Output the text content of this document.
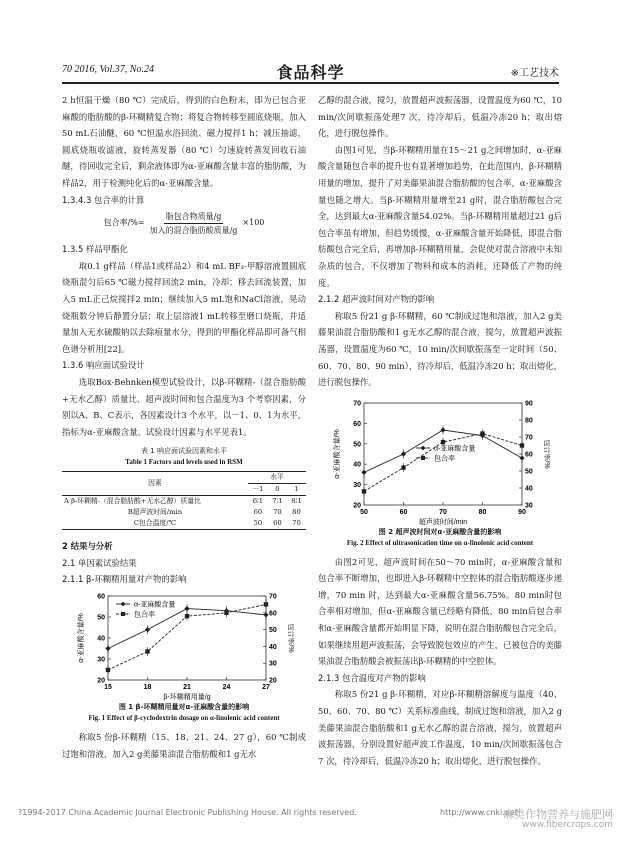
70 2016, Vol.37, No.24	食品科学	※工艺技术

2 h恒温干燥（80 ℃）完成后，得到的白色粉末，即为已包合亚麻酸的脂肪酸的β-环糊精复合物；将复合物转移至圆底烧瓶，加入50 mL石油醚，60 ℃恒温水浴回流、磁力搅拌1 h；减压抽滤，圆底烧瓶收滤液，旋转蒸发器（80 ℃）匀速旋转蒸发回收石油醚，待回收完全后，剩余液体即为α-亚麻酸含量丰富的脂肪酸，为样品2，用于检测纯化后的α-亚麻酸含量。

1.3.4.3 包合率的计算

包合率/%= $\frac{\text{脂包合物质量/g}}{\text{加入的混合脂肪酸质量/g}} \times 100$

1.3.5 样品甲酯化

取0.1 g样品（样品1或样品2）和4 mL BF₃-甲醇溶液置圆底烧瓶混匀后65 ℃磁力搅拌回流2 min，冷却；移去回流装置，加入5 mL正己烷搅拌2 min；继续加入5 mL饱和NaCl溶液，晃动烧瓶数分钟后静置分层；取上层溶液1 mL转移至磨口烧瓶，并适量加入无水硫酸钠以去除痕量水分，得到的甲酯化样品即可备气相色谱分析用[22]。

1.3.6 响应面试验设计

选取Box-Behnken模型试验设计，以β-环糊精-（混合脂肪酸+无水乙醇）质量比、超声波时间和包合温度为3 个考察因素，分别以A、B、C表示，各因素设计3 个水平，以－1、0、1为水平，指标为α-亚麻酸含量。试验设计因素与水平见表1。

表 1 响应面试验因素和水平

Table 1 Factors and levels used in RSM

因素	水平		
	－1	0	1
A β-环糊精-（混合脂肪酸+无水乙醇）质量比	6∶1	7∶1	8∶1
B超声波时间/min	60	70	80
C包合温度/℃	50	60	70

2 结果与分析

2.1 单因素试验结果

2.1.1 β-环糊精用量对产物的影响

15	18	21	24	27
20
30
40
50
60
20
30
40
50
60
70
β-环糊精用量/g
α-亚麻酸含量/%	包合率/%
α-亚麻酸含量
包合率

图 1 β-环糊精用量对α-亚麻酸含量的影响

Fig. 1 Effect of β-cyclodextrin dosage on α-linolenic acid content

称取5 份β-环糊精（15、18、21、24、27 g），60 ℃制成过饱和溶液，加入2 g美藤果油混合脂肪酸和1 g无水

乙醇的混合液，搅匀，放置超声波振荡器，设置温度为60 ℃，10 min/次间歇振荡处理7 次，待冷却后，低温冷冻20 h；取出熔化，进行脱包操作。

由图1可见，当β-环糊精用量在15～21 g之间增加时，α-亚麻酸含量随包合率的提升也有显著增加趋势，在此范围内，β-环糊精用量的增加，提升了对美藤果油混合脂肪酸的包合率，α-亚麻酸含量也随之增大。当β-环糊精用量增至21 g时，混合脂肪酸包合完全，达到最大α-亚麻酸含量54.02%。当β-环糊精用量超过21 g后包合率虽有增加，但趋势缓慢，α-亚麻酸含量开始降低，即混合脂肪酸包合完全后，再增加β-环糊精用量，会促使对混合溶液中未知杂质的包合，不仅增加了物料和成本的消耗，还降低了产物的纯度。

2.1.2 超声波时间对产物的影响

称取5 份21 g β-环糊精，60 ℃制成过饱和溶液，加入2 g美藤果油混合脂肪酸和1 g无水乙醇的混合液，搅匀，放置超声波振荡器，设置温度为60 ℃，10 min/次间歇振荡至一定时间（50、60、70、80、90 min），待冷却后，低温冷冻20 h；取出熔化，进行脱包操作。

50	60	70	80	90
20
30
40
50
60
70
30
40
50
60
70
80
90
超声波时间/min
α-亚麻酸含量/%	包合率/%
α-亚麻酸含量
包合率

图 2 超声波时间对α-亚麻酸含量的影响

Fig. 2 Effect of ultrasonication time on α-linolenic acid content

由图2可见，超声波时间在50～70 min时，α-亚麻酸含量和包合率不断增加，也即进入β-环糊精中空腔体的混合脂肪酸逐步递增，70 min 时，达到最大α-亚麻酸含量56.75%。80 min时包合率相对增加，但α-亚麻酸含量已经略有降低，80 min后包合率和α-亚麻酸含量都开始明显下降，说明在混合脂肪酸包合完全后，如果继续用超声波振荡，会导致脱包效应的产生，已被包合的美藤果油混合脂肪酸会被振荡出β-环糊精的中空腔体。

2.1.3 包合温度对产物的影响

称取5 份21 g β-环糊精，对应β-环糊精溶解度与温度（40、50、60、70、80 ℃）关系标准曲线，制成过饱和溶液，加入2 g美藤果油混合脂肪酸和1 g无水乙醇的混合溶液，搅匀，放置超声波振荡器，分别设置好超声波工作温度，10 min/次间歇振荡包合7 次，待冷却后，低温冷冻20 h；取出熔化，进行脱包操作。

?1994-2017 China Academic Journal Electronic Publishing House. All rights reserved.	http://www.cnki.net
麻类作物营养与施肥网
www.fibercrops.com
